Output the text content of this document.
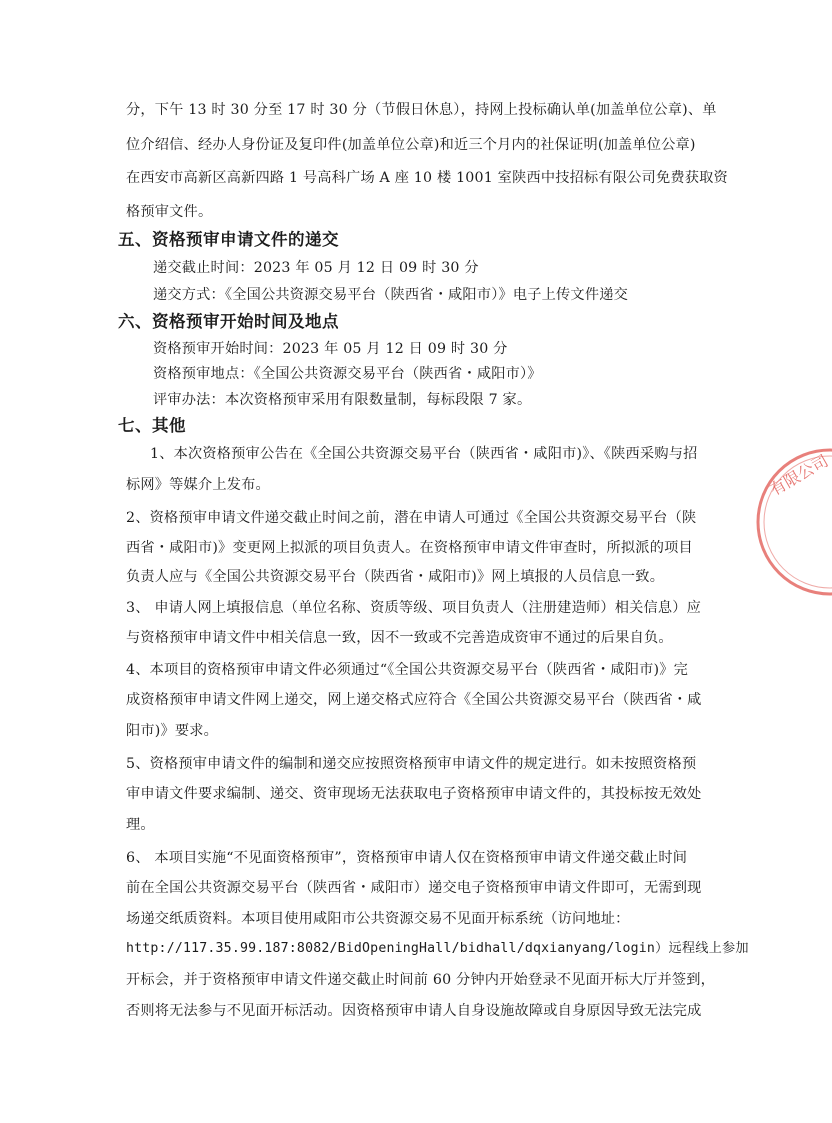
分，下午 13 时 30 分至 17 时 30 分（节假日休息），持网上投标确认单(加盖单位公章)、单
位介绍信、经办人身份证及复印件(加盖单位公章)和近三个月内的社保证明(加盖单位公章)
在西安市高新区高新四路 1 号高科广场 A 座 10 楼 1001 室陕西中技招标有限公司免费获取资
格预审文件。
五、资格预审申请文件的递交
递交截止时间：2023 年 05 月 12 日 09 时 30 分
递交方式：《全国公共资源交易平台（陕西省・咸阳市）》电子上传文件递交
六、资格预审开始时间及地点
资格预审开始时间：2023 年 05 月 12 日 09 时 30 分
资格预审地点：《全国公共资源交易平台（陕西省・咸阳市）》
评审办法：本次资格预审采用有限数量制，每标段限 7 家。
七、其他
1、本次资格预审公告在《全国公共资源交易平台（陕西省・咸阳市)》、《陕西采购与招
标网》等媒介上发布。
2、资格预审申请文件递交截止时间之前，潜在申请人可通过《全国公共资源交易平台（陕
西省・咸阳市)》变更网上拟派的项目负责人。在资格预审申请文件审查时，所拟派的项目
负责人应与《全国公共资源交易平台（陕西省・咸阳市)》网上填报的人员信息一致。
3、 申请人网上填报信息（单位名称、资质等级、项目负责人（注册建造师）相关信息）应
与资格预审申请文件中相关信息一致，因不一致或不完善造成资审不通过的后果自负。
4、本项目的资格预审申请文件必须通过“《全国公共资源交易平台（陕西省・咸阳市)》完
成资格预审申请文件网上递交，网上递交格式应符合《全国公共资源交易平台（陕西省・咸
阳市)》要求。
5、资格预审申请文件的编制和递交应按照资格预审申请文件的规定进行。如未按照资格预
审申请文件要求编制、递交、资审现场无法获取电子资格预审申请文件的，其投标按无效处
理。
6、 本项目实施“不见面资格预审”，资格预审申请人仅在资格预审申请文件递交截止时间
前在全国公共资源交易平台（陕西省・咸阳市）递交电子资格预审申请文件即可，无需到现
场递交纸质资料。本项目使用咸阳市公共资源交易不见面开标系统（访问地址：
http://117.35.99.187:8082/BidOpeningHall/bidhall/dqxianyang/login）远程线上参加
开标会，并于资格预审申请文件递交截止时间前 60 分钟内开始登录不见面开标大厅并签到，
否则将无法参与不见面开标活动。因资格预审申请人自身设施故障或自身原因导致无法完成
有限公司
